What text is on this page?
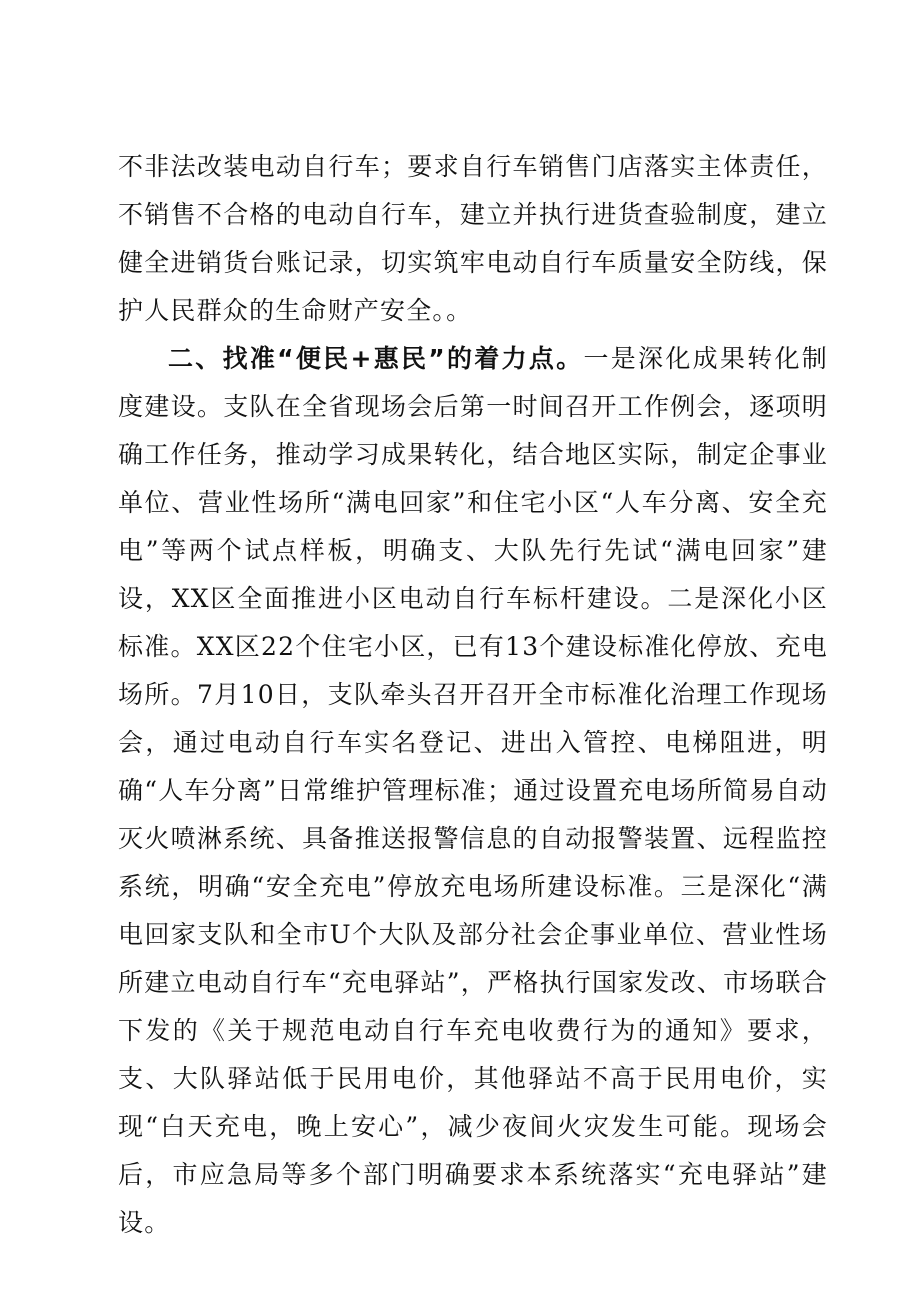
不非法改装电动自行车；要求自行车销售门店落实主体责任，不销售不合格的电动自行车，建立并执行进货查验制度，建立健全进销货台账记录，切实筑牢电动自行车质量安全防线，保护人民群众的生命财产安全。。

二、找准“便民+惠民”的着力点。一是深化成果转化制度建设。支队在全省现场会后第一时间召开工作例会，逐项明确工作任务，推动学习成果转化，结合地区实际，制定企事业单位、营业性场所“满电回家”和住宅小区“人车分离、安全充电”等两个试点样板，明确支、大队先行先试“满电回家”建设，XX区全面推进小区电动自行车标杆建设。二是深化小区标准。XX区22个住宅小区，已有13个建设标准化停放、充电场所。7月10日，支队牵头召开召开全市标准化治理工作现场会，通过电动自行车实名登记、进出入管控、电梯阻进，明确“人车分离”日常维护管理标准；通过设置充电场所简易自动灭火喷淋系统、具备推送报警信息的自动报警装置、远程监控系统，明确“安全充电”停放充电场所建设标准。三是深化“满电回家支队和全市U个大队及部分社会企事业单位、营业性场所建立电动自行车“充电驿站”，严格执行国家发改、市场联合下发的《关于规范电动自行车充电收费行为的通知》要求，支、大队驿站低于民用电价，其他驿站不高于民用电价，实现“白天充电，晚上安心”，减少夜间火灾发生可能。现场会后，市应急局等多个部门明确要求本系统落实“充电驿站”建设。
